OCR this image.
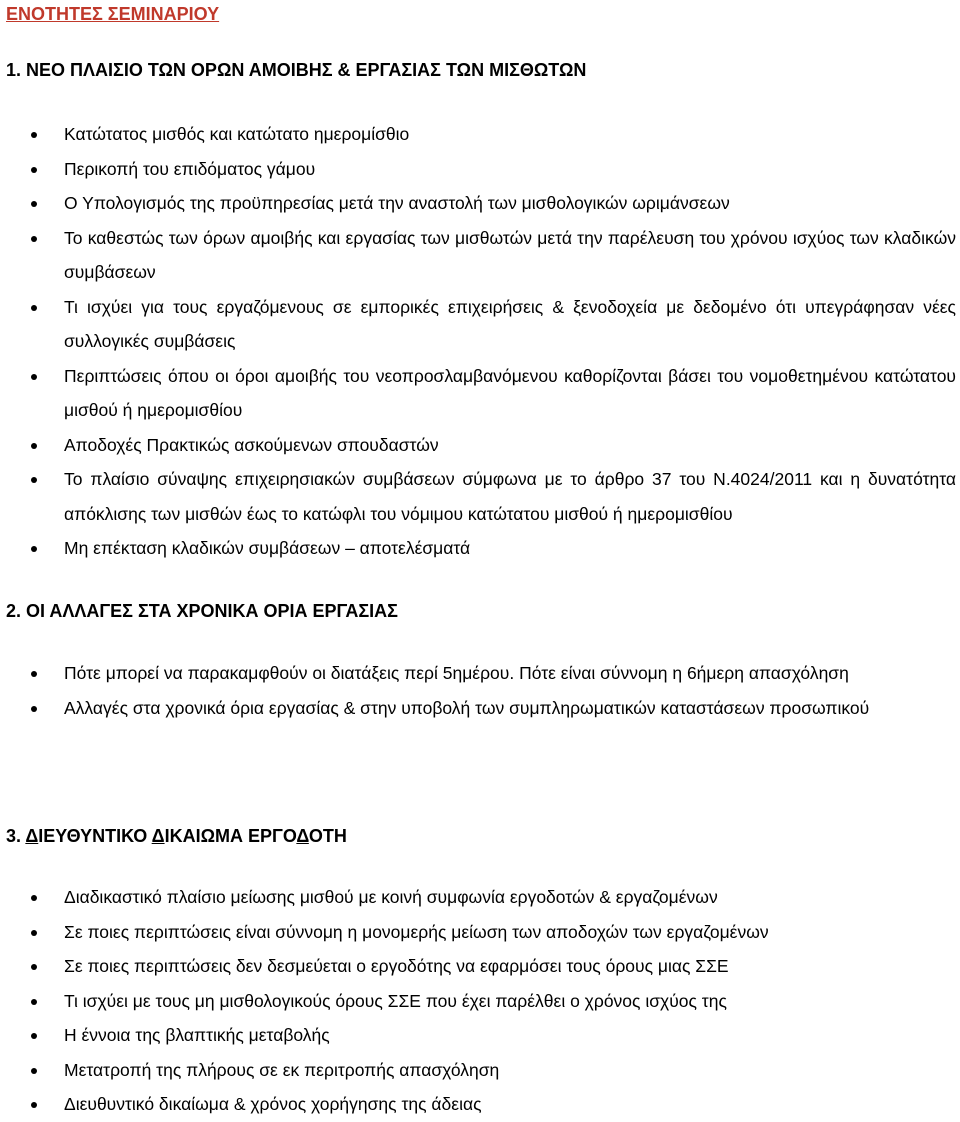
ΕΝΟΤΗΤΕΣ ΣΕΜΙΝΑΡΙΟΥ
1. ΝΕΟ ΠΛΑΙΣΙΟ ΤΩΝ ΟΡΩΝ ΑΜΟΙΒΗΣ & ΕΡΓΑΣΙΑΣ ΤΩΝ ΜΙΣΘΩΤΩΝ
Κατώτατος μισθός και κατώτατο ημερομίσθιο
Περικοπή του επιδόματος γάμου
Ο Υπολογισμός της προϋπηρεσίας μετά την αναστολή των μισθολογικών ωριμάνσεων
Το καθεστώς των όρων αμοιβής και εργασίας των μισθωτών μετά την παρέλευση του χρόνου ισχύος των κλαδικών συμβάσεων
Τι ισχύει για τους εργαζόμενους σε εμπορικές επιχειρήσεις & ξενοδοχεία με δεδομένο ότι υπεγράφησαν νέες συλλογικές συμβάσεις
Περιπτώσεις όπου οι όροι αμοιβής του νεοπροσλαμβανόμενου καθορίζονται βάσει του νομοθετημένου κατώτατου μισθού ή ημερομισθίου
Αποδοχές Πρακτικώς ασκούμενων σπουδαστών
Το πλαίσιο σύναψης επιχειρησιακών συμβάσεων σύμφωνα με το άρθρο 37 του Ν.4024/2011 και η δυνατότητα απόκλισης των μισθών έως το κατώφλι του νόμιμου κατώτατου μισθού ή ημερομισθίου
Μη επέκταση κλαδικών συμβάσεων – αποτελέσματά
2. ΟΙ ΑΛΛΑΓΕΣ ΣΤΑ ΧΡΟΝΙΚΑ ΟΡΙΑ ΕΡΓΑΣΙΑΣ
Πότε μπορεί να παρακαμφθούν οι διατάξεις περί 5ημέρου. Πότε είναι σύννομη η 6ήμερη απασχόληση
Αλλαγές στα χρονικά όρια εργασίας & στην υποβολή των συμπληρωματικών καταστάσεων προσωπικού
3. ΔΙΕΥΘΥΝΤΙΚΟ ΔΙΚΑΙΩΜΑ ΕΡΓΟΔΟΤΗ
Διαδικαστικό πλαίσιο μείωσης μισθού με κοινή συμφωνία εργοδοτών & εργαζομένων
Σε ποιες περιπτώσεις είναι σύννομη η μονομερής μείωση των αποδοχών των εργαζομένων
Σε ποιες περιπτώσεις δεν δεσμεύεται ο εργοδότης να εφαρμόσει τους όρους μιας ΣΣΕ
Τι ισχύει με τους μη μισθολογικούς όρους ΣΣΕ που έχει παρέλθει ο χρόνος ισχύος της
Η έννοια της βλαπτικής μεταβολής
Μετατροπή της πλήρους σε εκ περιτροπής απασχόληση
Διευθυντικό δικαίωμα & χρόνος χορήγησης της άδειας
